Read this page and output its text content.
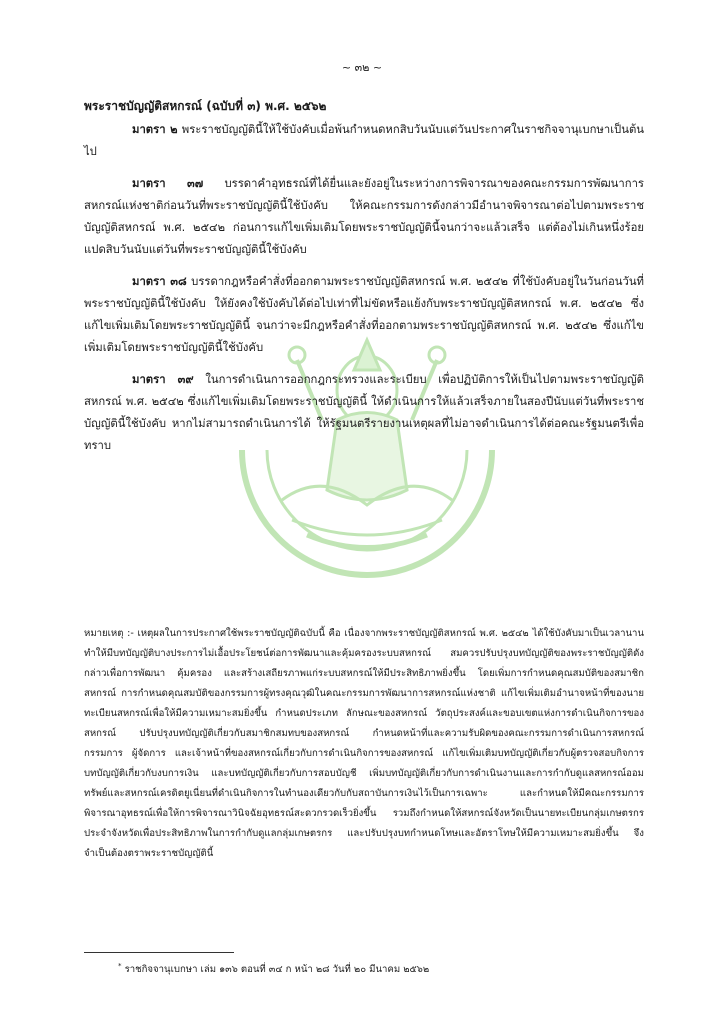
~ ๓๒ ~
พระราชบัญญัติสหกรณ์ (ฉบับที่ ๓) พ.ศ. ๒๕๖๒

มาตรา ๒ พระราชบัญญัตินี้ให้ใช้บังคับเมื่อพ้นกำหนดหกสิบวันนับแต่วันประกาศในราชกิจจานุเบกษาเป็นต้นไป

มาตรา ๓๗ บรรดาคำอุทธรณ์ที่ได้ยื่นและยังอยู่ในระหว่างการพิจารณาของคณะกรรมการพัฒนาการสหกรณ์แห่งชาติก่อนวันที่พระราชบัญญัตินี้ใช้บังคับ ให้คณะกรรมการดังกล่าวมีอำนาจพิจารณาต่อไปตามพระราชบัญญัติสหกรณ์ พ.ศ. ๒๕๔๒ ก่อนการแก้ไขเพิ่มเติมโดยพระราชบัญญัตินี้จนกว่าจะแล้วเสร็จ แต่ต้องไม่เกินหนึ่งร้อยแปดสิบวันนับแต่วันที่พระราชบัญญัตินี้ใช้บังคับ

มาตรา ๓๘ บรรดากฎหรือคำสั่งที่ออกตามพระราชบัญญัติสหกรณ์ พ.ศ. ๒๕๔๒ ที่ใช้บังคับอยู่ในวันก่อนวันที่พระราชบัญญัตินี้ใช้บังคับ ให้ยังคงใช้บังคับได้ต่อไปเท่าที่ไม่ขัดหรือแย้งกับพระราชบัญญัติสหกรณ์ พ.ศ. ๒๕๔๒ ซึ่งแก้ไขเพิ่มเติมโดยพระราชบัญญัตินี้ จนกว่าจะมีกฎหรือคำสั่งที่ออกตามพระราชบัญญัติสหกรณ์ พ.ศ. ๒๕๔๒ ซึ่งแก้ไขเพิ่มเติมโดยพระราชบัญญัตินี้ใช้บังคับ

มาตรา ๓๙ ในการดำเนินการออกกฎกระทรวงและระเบียบ เพื่อปฏิบัติการให้เป็นไปตามพระราชบัญญัติสหกรณ์ พ.ศ. ๒๕๔๒ ซึ่งแก้ไขเพิ่มเติมโดยพระราชบัญญัตินี้ ให้ดำเนินการให้แล้วเสร็จภายในสองปีนับแต่วันที่พระราชบัญญัตินี้ใช้บังคับ หากไม่สามารถดำเนินการได้ ให้รัฐมนตรีรายงานเหตุผลที่ไม่อาจดำเนินการได้ต่อคณะรัฐมนตรีเพื่อทราบ

หมายเหตุ :- เหตุผลในการประกาศใช้พระราชบัญญัติฉบับนี้ คือ เนื่องจากพระราชบัญญัติสหกรณ์ พ.ศ. ๒๕๔๒ ได้ใช้บังคับมาเป็นเวลานาน ทำให้มีบทบัญญัติบางประการไม่เอื้อประโยชน์ต่อการพัฒนาและคุ้มครองระบบสหกรณ์ สมควรปรับปรุงบทบัญญัติของพระราชบัญญัติดังกล่าวเพื่อการพัฒนา คุ้มครอง และสร้างเสถียรภาพแก่ระบบสหกรณ์ให้มีประสิทธิภาพยิ่งขึ้น โดยเพิ่มการกำหนดคุณสมบัติของสมาชิกสหกรณ์ การกำหนดคุณสมบัติของกรรมการผู้ทรงคุณวุฒิในคณะกรรมการพัฒนาการสหกรณ์แห่งชาติ แก้ไขเพิ่มเติมอำนาจหน้าที่ของนายทะเบียนสหกรณ์เพื่อให้มีความเหมาะสมยิ่งขึ้น กำหนดประเภท ลักษณะของสหกรณ์ วัตถุประสงค์และขอบเขตแห่งการดำเนินกิจการของสหกรณ์ ปรับปรุงบทบัญญัติเกี่ยวกับสมาชิกสมทบของสหกรณ์ กำหนดหน้าที่และความรับผิดของคณะกรรมการดำเนินการสหกรณ์ กรรมการ ผู้จัดการ และเจ้าหน้าที่ของสหกรณ์เกี่ยวกับการดำเนินกิจการของสหกรณ์ แก้ไขเพิ่มเติมบทบัญญัติเกี่ยวกับผู้ตรวจสอบกิจการ บทบัญญัติเกี่ยวกับงบการเงิน และบทบัญญัติเกี่ยวกับการสอบบัญชี เพิ่มบทบัญญัติเกี่ยวกับการดำเนินงานและการกำกับดูแลสหกรณ์ออมทรัพย์และสหกรณ์เครดิตยูเนี่ยนที่ดำเนินกิจการในทำนองเดียวกับกับสถาบันการเงินไว้เป็นการเฉพาะ และกำหนดให้มีคณะกรรมการพิจารณาอุทธรณ์เพื่อให้การพิจารณาวินิจฉัยอุทธรณ์สะดวกรวดเร็วยิ่งขึ้น รวมถึงกำหนดให้สหกรณ์จังหวัดเป็นนายทะเบียนกลุ่มเกษตรกรประจำจังหวัดเพื่อประสิทธิภาพในการกำกับดูแลกลุ่มเกษตรกร และปรับปรุงบทกำหนดโทษและอัตราโทษให้มีความเหมาะสมยิ่งขึ้น จึงจำเป็นต้องตราพระราชบัญญัตินี้
* ราชกิจจานุเบกษา เล่ม ๑๓๖ ตอนที่ ๓๔ ก หน้า ๒๘ วันที่ ๒๐ มีนาคม ๒๕๖๒
